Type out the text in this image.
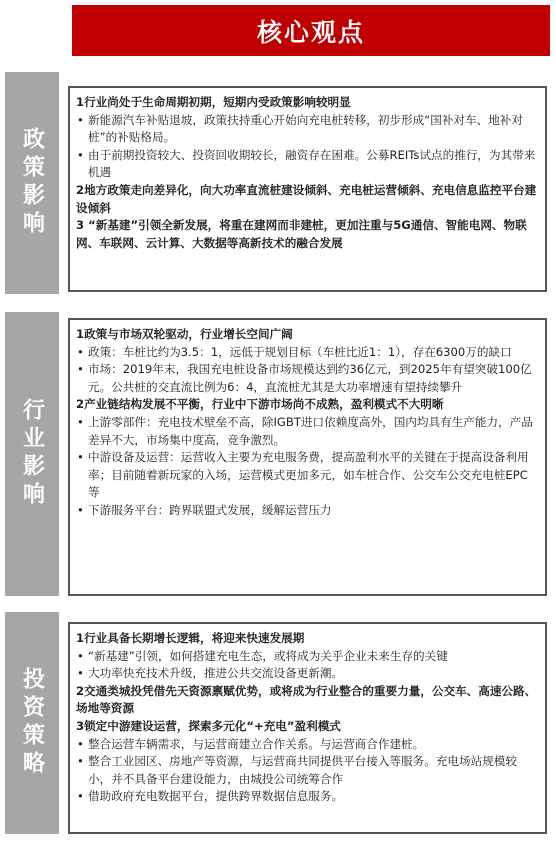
核心观点
政策影响
1行业尚处于生命周期初期，短期内受政策影响较明显
• 新能源汽车补贴退坡，政策扶持重心开始向充电桩转移，初步形成“国补对车、地补对桩”的补贴格局。
• 由于前期投资较大、投资回收期较长，融资存在困难。公募REITs试点的推行，为其带来机遇
2地方政策走向差异化，向大功率直流桩建设倾斜、充电桩运营倾斜、充电信息监控平台建设倾斜
3 “新基建”引领全新发展，将重在建网而非建桩，更加注重与5G通信、智能电网、物联网、车联网、云计算、大数据等高新技术的融合发展
行业影响
1政策与市场双轮驱动，行业增长空间广阔
• 政策：车桩比约为3.5：1，远低于规划目标（车桩比近1：1），存在6300万的缺口
• 市场：2019年末，我国充电桩设备市场规模达到约36亿元，到2025年有望突破100亿元。公共桩的交直流比例为6：4，直流桩尤其是大功率增速有望持续攀升
2产业链结构发展不平衡，行业中下游市场尚不成熟，盈利模式不大明晰
• 上游零部件：充电技术壁垒不高，除IGBT进口依赖度高外，国内均具有生产能力，产品差异不大，市场集中度高，竞争激烈。
• 中游设备及运营：运营收入主要为充电服务费，提高盈利水平的关键在于提高设备利用率；目前随着新玩家的入场，运营模式更加多元，如车桩合作、公交车公交充电桩EPC等
• 下游服务平台：跨界联盟式发展，缓解运营压力
投资策略
1行业具备长期增长逻辑，将迎来快速发展期
• “新基建”引领，如何搭建充电生态，或将成为关乎企业未来生存的关键
• 大功率快充技术升级，推进公共交流设备更新潮。
2交通类城投凭借先天资源禀赋优势，或将成为行业整合的重要力量，公交车、高速公路、场地等资源
3锁定中游建设运营，探索多元化“+充电”盈利模式
• 整合运营车辆需求，与运营商建立合作关系。与运营商合作建桩。
• 整合工业园区、房地产等资源，与运营商共同提供平台接入等服务。充电场站规模较小，并不具备平台建设能力，由城投公司统筹合作
• 借助政府充电数据平台，提供跨界数据信息服务。
